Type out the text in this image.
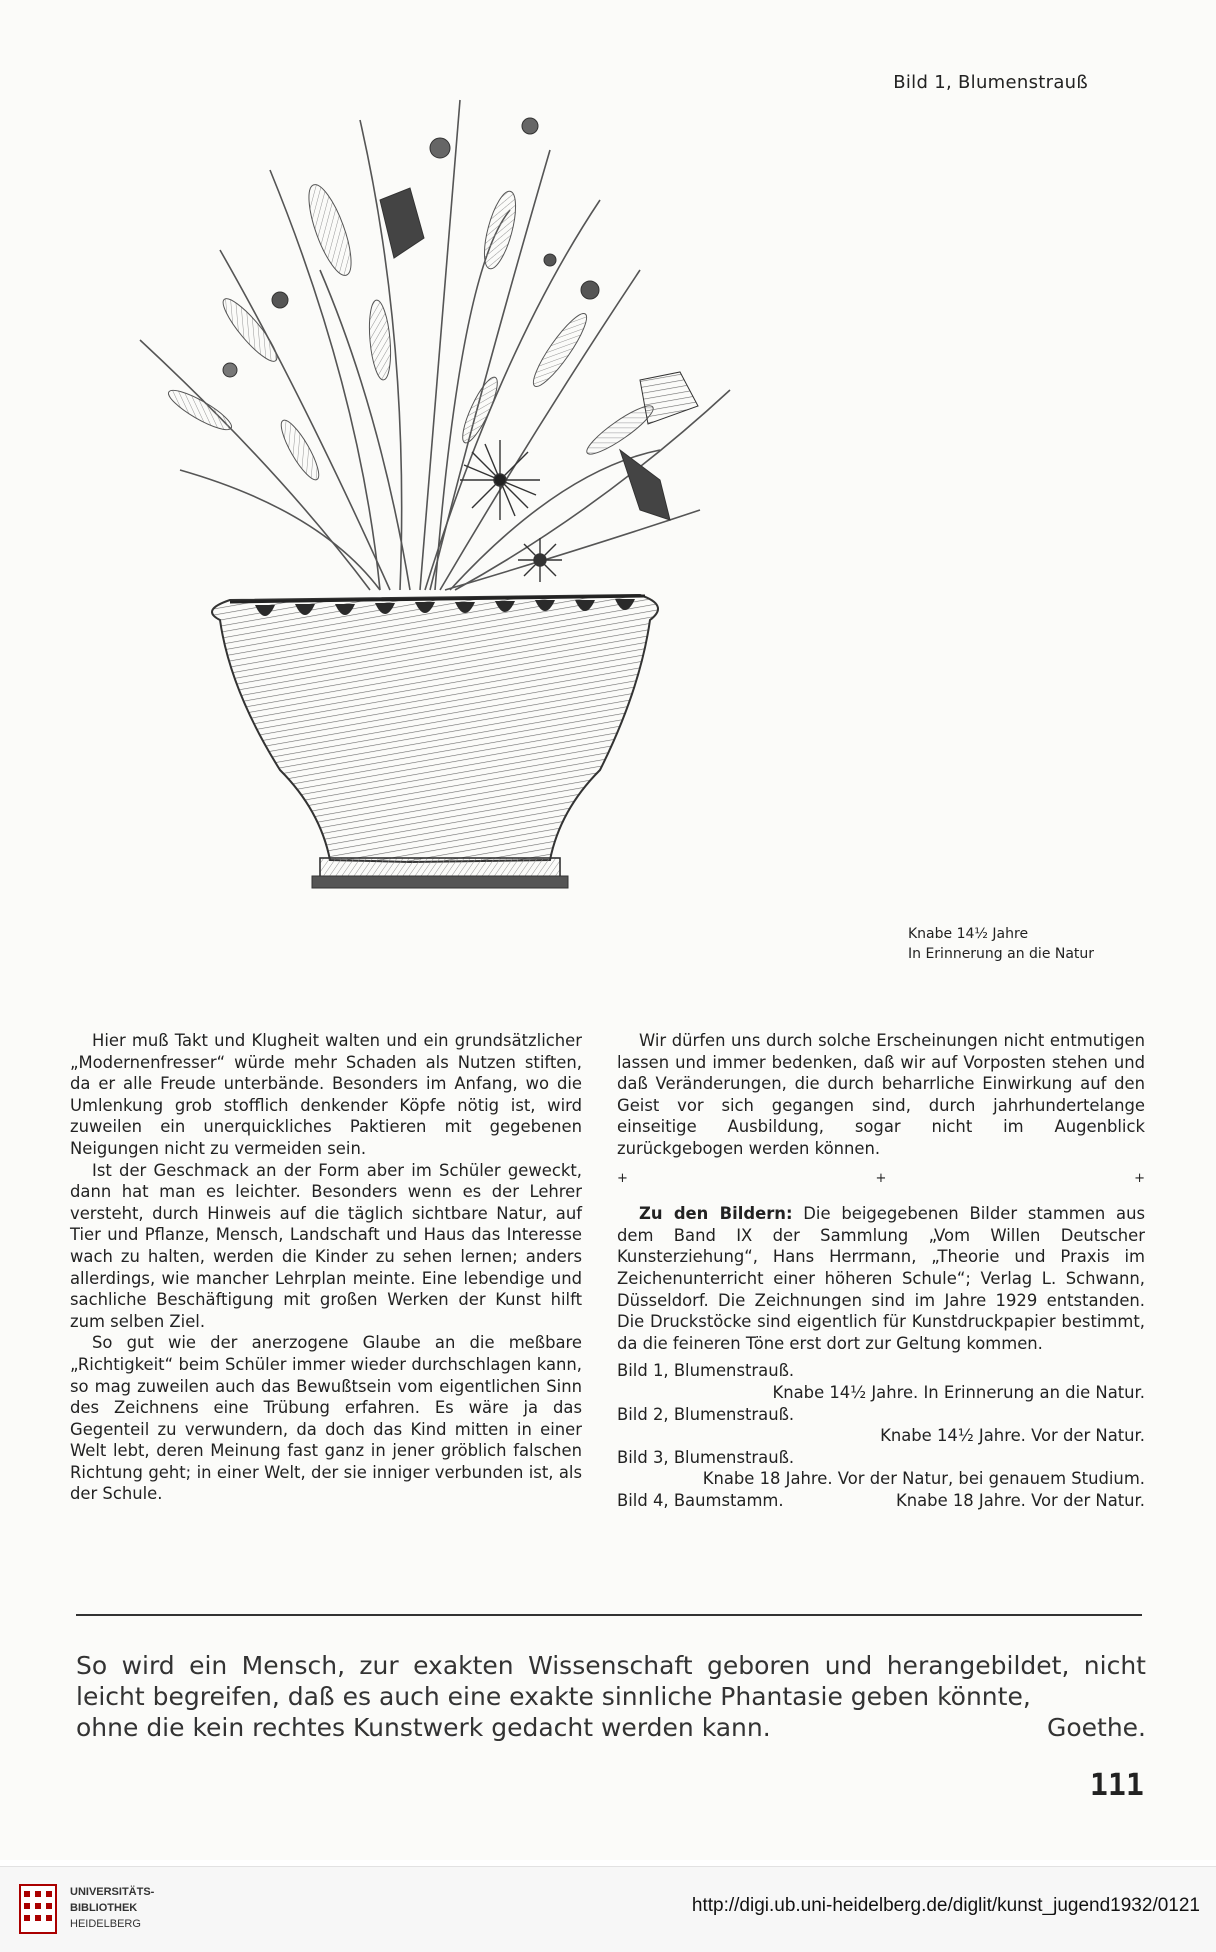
Bild 1, Blumenstrauß
Knabe 14½ Jahre
In Erinnerung an die Natur

Hier muß Takt und Klugheit walten und ein grundsätzlicher „Modernenfresser“ würde mehr Schaden als Nutzen stiften, da er alle Freude unterbände. Besonders im Anfang, wo die Umlenkung grob stofflich denkender Köpfe nötig ist, wird zuweilen ein unerquickliches Paktieren mit gegebenen Neigungen nicht zu vermeiden sein.

Ist der Geschmack an der Form aber im Schüler geweckt, dann hat man es leichter. Besonders wenn es der Lehrer versteht, durch Hinweis auf die täglich sichtbare Natur, auf Tier und Pflanze, Mensch, Landschaft und Haus das Interesse wach zu halten, werden die Kinder zu sehen lernen; anders allerdings, wie mancher Lehrplan meinte. Eine lebendige und sachliche Beschäftigung mit großen Werken der Kunst hilft zum selben Ziel.

So gut wie der anerzogene Glaube an die meßbare „Richtigkeit“ beim Schüler immer wieder durchschlagen kann, so mag zuweilen auch das Bewußtsein vom eigentlichen Sinn des Zeichnens eine Trübung erfahren. Es wäre ja das Gegenteil zu verwundern, da doch das Kind mitten in einer Welt lebt, deren Meinung fast ganz in jener gröblich falschen Richtung geht; in einer Welt, der sie inniger verbunden ist, als der Schule.

Wir dürfen uns durch solche Erscheinungen nicht entmutigen lassen und immer bedenken, daß wir auf Vorposten stehen und daß Veränderungen, die durch beharrliche Einwirkung auf den Geist vor sich gegangen sind, durch jahrhundertelange einseitige Ausbildung, sogar nicht im Augenblick zurückgebogen werden können.

+	+	+

Zu den Bildern: Die beigegebenen Bilder stammen aus dem Band IX der Sammlung „Vom Willen Deutscher Kunsterziehung“, Hans Herrmann, „Theorie und Praxis im Zeichenunterricht einer höheren Schule“; Verlag L. Schwann, Düsseldorf. Die Zeichnungen sind im Jahre 1929 entstanden. Die Druckstöcke sind eigentlich für Kunstdruckpapier bestimmt, da die feineren Töne erst dort zur Geltung kommen.

Bild 1, Blumenstrauß.

Knabe 14½ Jahre. In Erinnerung an die Natur.

Bild 2, Blumenstrauß.

Knabe 14½ Jahre. Vor der Natur.

Bild 3, Blumenstrauß.

Knabe 18 Jahre. Vor der Natur, bei genauem Studium.

Bild 4, Baumstamm.	Knabe 18 Jahre. Vor der Natur.
So wird ein Mensch, zur exakten Wissenschaft geboren und herangebildet, nicht leicht begreifen, daß es auch eine exakte sinnliche Phantasie geben könnte,
ohne die kein rechtes Kunstwerk gedacht werden kann.	Goethe.
111
UNIVERSITÄTS-
BIBLIOTHEK
HEIDELBERG
http://digi.ub.uni-heidelberg.de/diglit/kunst_jugend1932/0121
